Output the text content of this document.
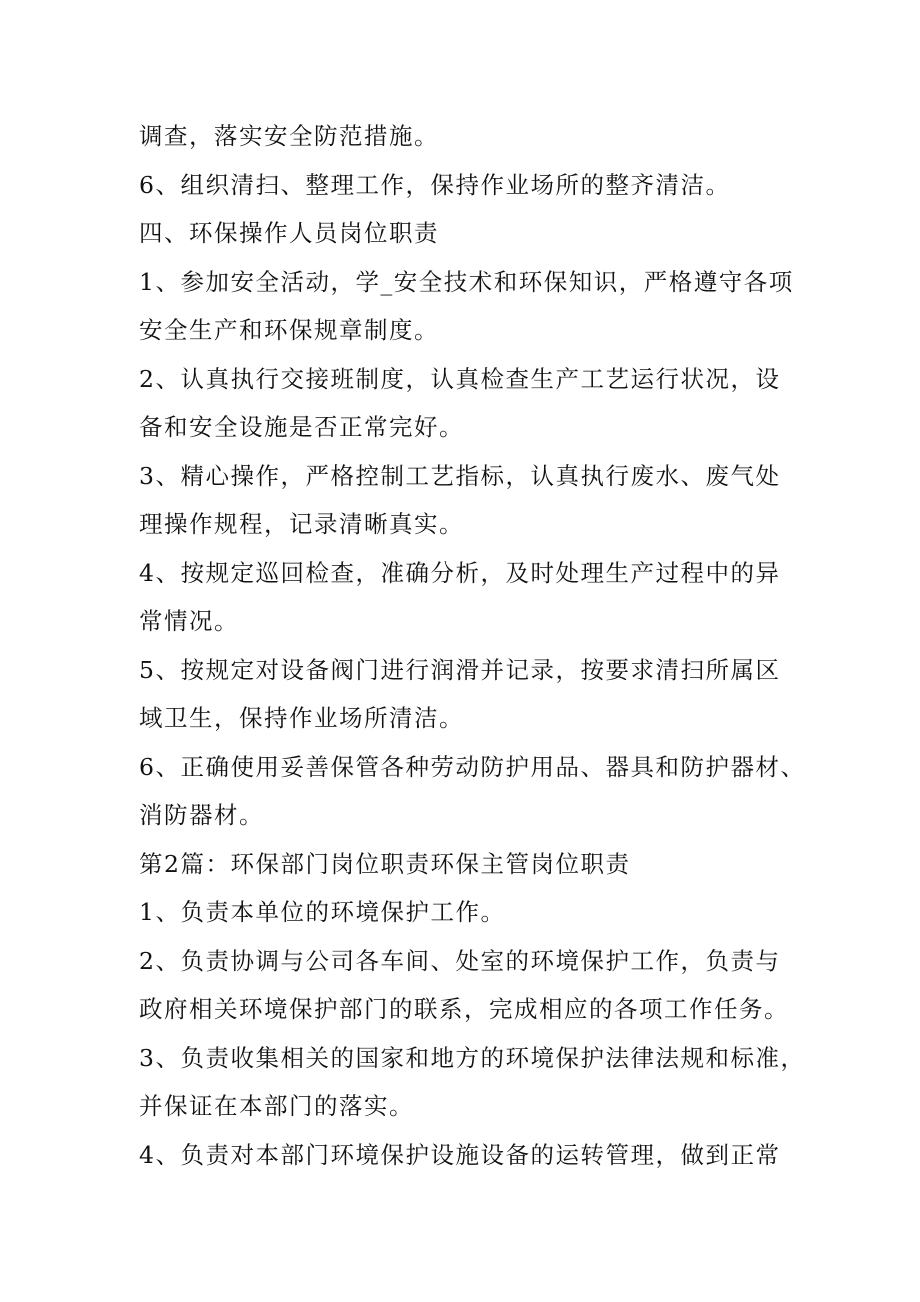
调查，落实安全防范措施。
6、组织清扫、整理工作，保持作业场所的整齐清洁。
四、环保操作人员岗位职责
1、参加安全活动，学_安全技术和环保知识，严格遵守各项
安全生产和环保规章制度。
2、认真执行交接班制度，认真检查生产工艺运行状况，设
备和安全设施是否正常完好。
3、精心操作，严格控制工艺指标，认真执行废水、废气处
理操作规程，记录清晰真实。
4、按规定巡回检查，准确分析，及时处理生产过程中的异
常情况。
5、按规定对设备阀门进行润滑并记录，按要求清扫所属区
域卫生，保持作业场所清洁。
6、正确使用妥善保管各种劳动防护用品、器具和防护器材、
消防器材。
第2篇：环保部门岗位职责环保主管岗位职责
1、负责本单位的环境保护工作。
2、负责协调与公司各车间、处室的环境保护工作，负责与
政府相关环境保护部门的联系，完成相应的各项工作任务。
3、负责收集相关的国家和地方的环境保护法律法规和标准，
并保证在本部门的落实。
4、负责对本部门环境保护设施设备的运转管理，做到正常
